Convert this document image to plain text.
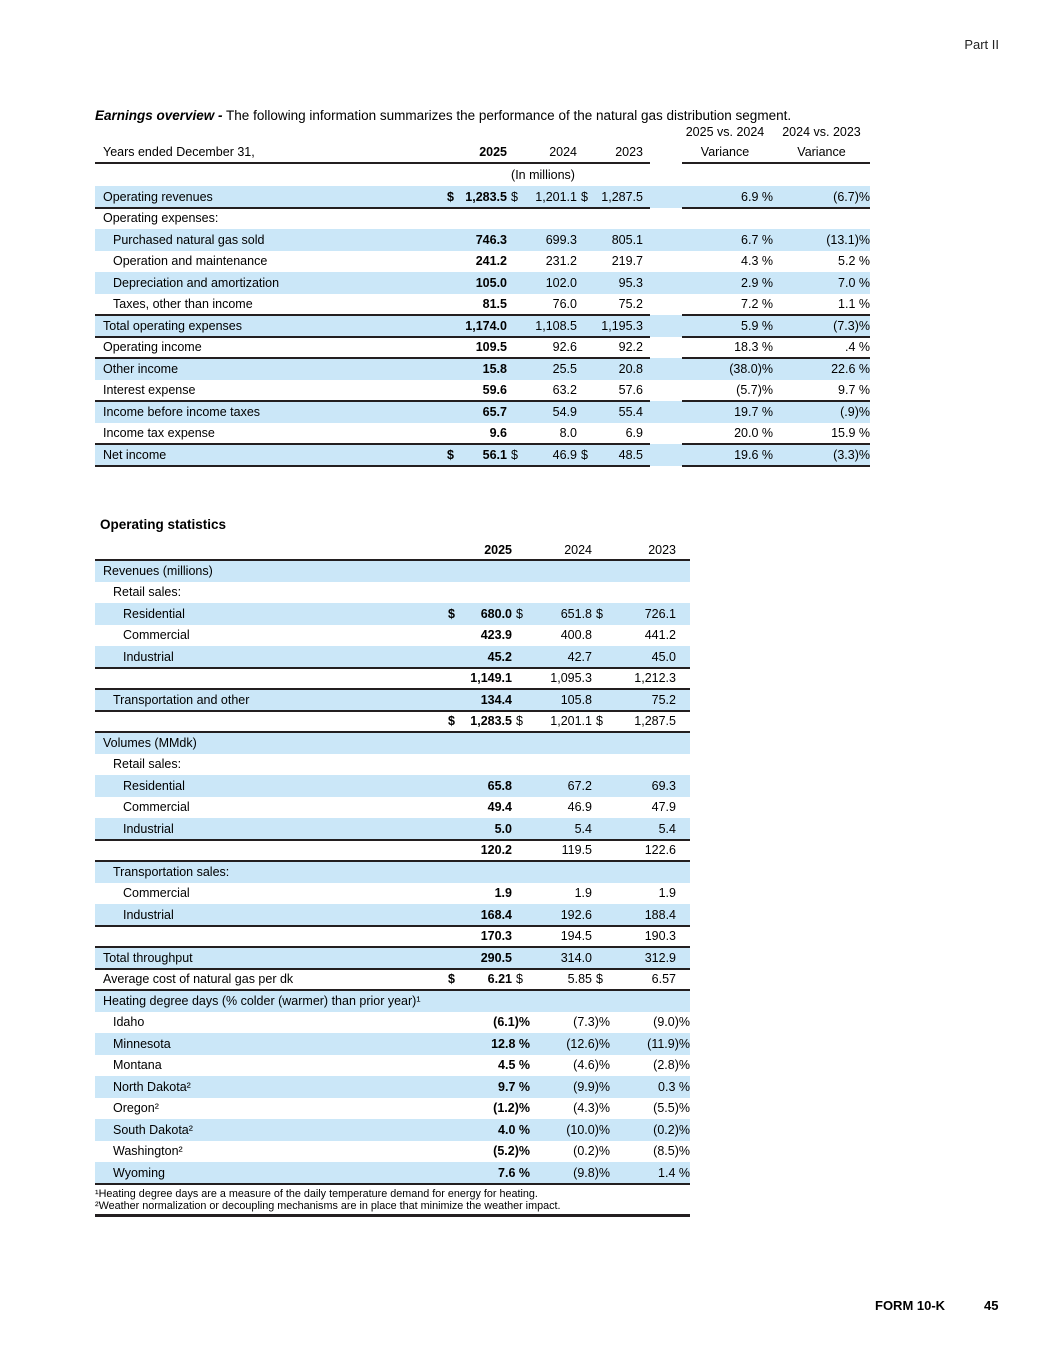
Part II

Earnings overview - The following information summarizes the performance of the natural gas distribution segment.

2025 vs. 2024	2024 vs. 2023
Years ended December 31,	2025	2024	2023	Variance	Variance
(In millions)
Operating revenues	$ 1,283.5 $	1,201.1 $	1,287.5	6.9 %	(6.7)%
Operating expenses:
Purchased natural gas sold	746.3	699.3	805.1	6.7 %	(13.1)%
Operation and maintenance	241.2	231.2	219.7	4.3 %	5.2 %
Depreciation and amortization	105.0	102.0	95.3	2.9 %	7.0 %
Taxes, other than income	81.5	76.0	75.2	7.2 %	1.1 %
Total operating expenses	1,174.0	1,108.5	1,195.3	5.9 %	(7.3)%
Operating income	109.5	92.6	92.2	18.3 %	.4 %
Other income	15.8	25.5	20.8	(38.0)%	22.6 %
Interest expense	59.6	63.2	57.6	(5.7)%	9.7 %
Income before income taxes	65.7	54.9	55.4	19.7 %	(.9)%
Income tax expense	9.6	8.0	6.9	20.0 %	15.9 %
Net income	$	56.1 $	46.9 $	48.5	19.6 %	(3.3)%
Operating statistics
2025	2024	2023
Revenues (millions)
Retail sales:
Residential	$	680.0 $	651.8 $	726.1
Commercial	423.9	400.8	441.2
Industrial	45.2	42.7	45.0
1,149.1	1,095.3	1,212.3
Transportation and other	134.4	105.8	75.2
$	1,283.5 $	1,201.1 $	1,287.5
Volumes (MMdk)
Retail sales:
Residential	65.8	67.2	69.3
Commercial	49.4	46.9	47.9
Industrial	5.0	5.4	5.4
120.2	119.5	122.6
Transportation sales:
Commercial	1.9	1.9	1.9
Industrial	168.4	192.6	188.4
170.3	194.5	190.3
Total throughput	290.5	314.0	312.9
Average cost of natural gas per dk	$	6.21 $	5.85 $	6.57
Heating degree days (% colder (warmer) than prior year)¹
Idaho	(6.1)%	(7.3)%	(9.0)%
Minnesota	12.8 %	(12.6)%	(11.9)%
Montana	4.5 %	(4.6)%	(2.8)%
North Dakota²	9.7 %	(9.9)%	0.3 %
Oregon²	(1.2)%	(4.3)%	(5.5)%
South Dakota²	4.0 %	(10.0)%	(0.2)%
Washington²	(5.2)%	(0.2)%	(8.5)%
Wyoming	7.6 %	(9.8)%	1.4 %
¹Heating degree days are a measure of the daily temperature demand for energy for heating.
²Weather normalization or decoupling mechanisms are in place that minimize the weather impact.
FORM 10-K	45
